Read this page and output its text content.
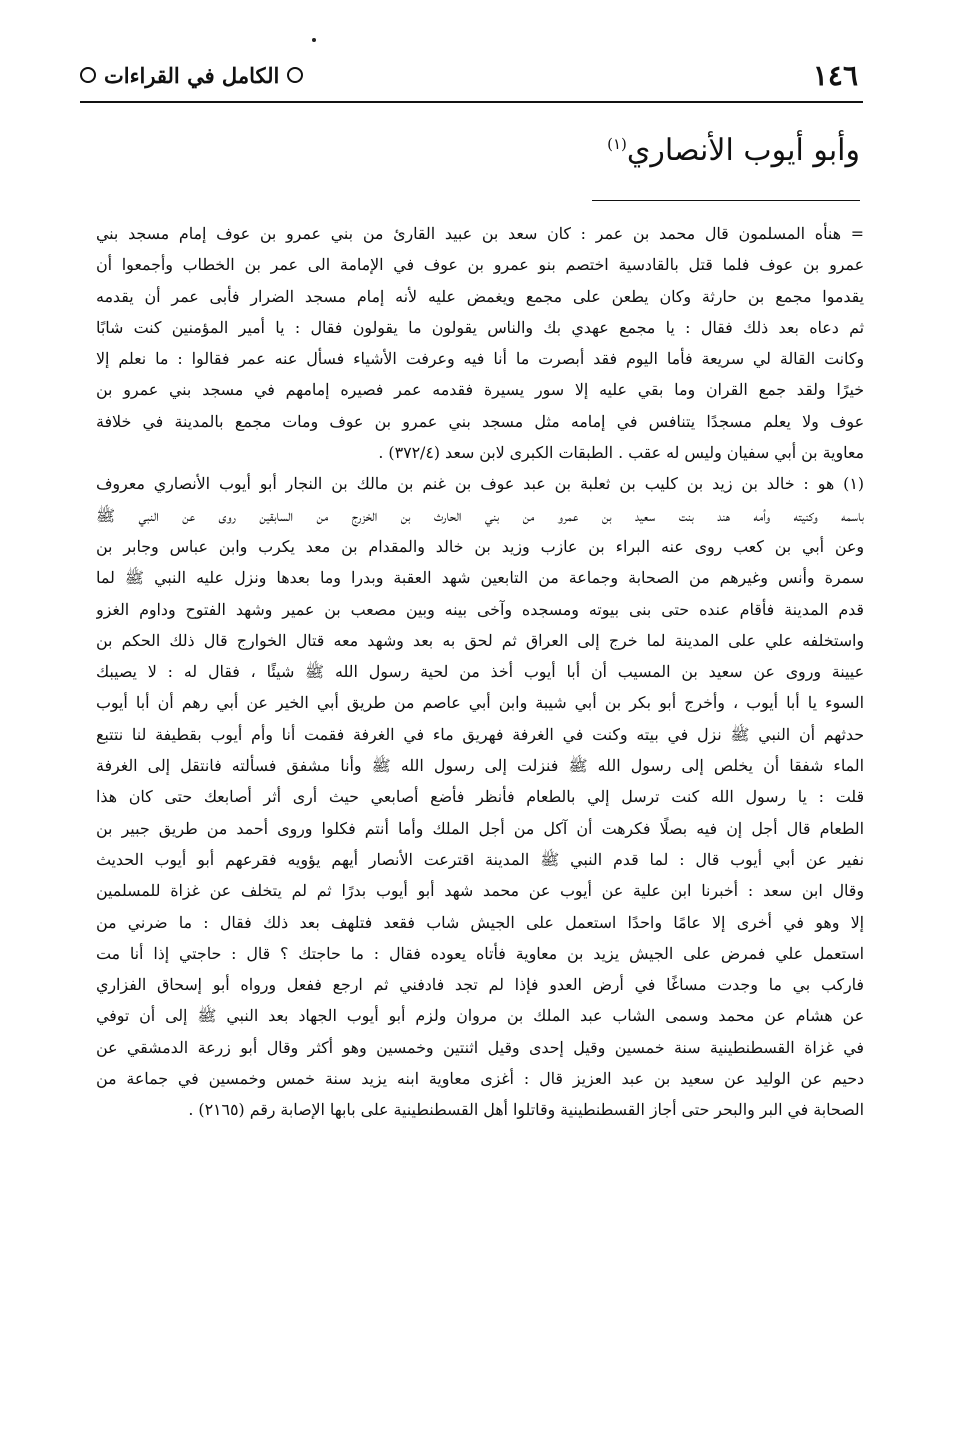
١٤٦
الكامل في القراءات
وأبو أيوب الأنصاري$^{(١)}$
= هنأه المسلمون قال محمد بن عمر : كان سعد بن عبيد القارئ من بني عمرو بن عوف إمام مسجد بني
عمرو بن عوف فلما قتل بالقادسية اختصم بنو عمرو بن عوف في الإمامة الى عمر بن الخطاب وأجمعوا أن
يقدموا مجمع بن حارثة وكان يطعن على مجمع ويغمض عليه لأنه إمام مسجد الضرار فأبى عمر أن يقدمه
ثم دعاه بعد ذلك فقال : يا مجمع عهدي بك والناس يقولون ما يقولون فقال : يا أمير المؤمنين كنت شابًا
وكانت القالة لي سريعة فأما اليوم فقد أبصرت ما أنا فيه وعرفت الأشياء فسأل عنه عمر فقالوا : ما نعلم إلا
خيرًا ولقد جمع القران وما بقي عليه إلا سور يسيرة فقدمه عمر فصيره إمامهم في مسجد بني عمرو بن
عوف ولا يعلم مسجدًا يتنافس في إمامه مثل مسجد بني عمرو بن عوف ومات مجمع بالمدينة في خلافة
معاوية بن أبي سفيان وليس له عقب . الطبقات الكبرى لابن سعد (٣٧٢/٤) .
(١) هو : خالد بن زيد بن كليب بن ثعلبة بن عبد عوف بن غنم بن مالك بن النجار أبو أيوب الأنصاري معروف
باسمه وكنيته وأمه هند بنت سعيد بن عمرو من بني الحارث بن الخزرج من السابقين روى عن النبي ﷺ
وعن أبي بن كعب روى عنه البراء بن عازب وزيد بن خالد والمقدام بن معد يكرب وابن عباس وجابر بن
سمرة وأنس وغيرهم من الصحابة وجماعة من التابعين شهد العقبة وبدرا وما بعدها ونزل عليه النبي ﷺ لما
قدم المدينة فأقام عنده حتى بنى بيوته ومسجده وآخى بينه وبين مصعب بن عمير وشهد الفتوح وداوم الغزو
واستخلفه علي على المدينة لما خرج إلى العراق ثم لحق به بعد وشهد معه قتال الخوارج قال ذلك الحكم بن
عيينة وروى عن سعيد بن المسيب أن أبا أيوب أخذ من لحية رسول الله ﷺ شيئًا ، فقال له : لا يصيبك
السوء يا أبا أيوب ، وأخرج أبو بكر بن أبي شيبة وابن أبي عاصم من طريق أبي الخير عن أبي رهم أن أبا أيوب
حدثهم أن النبي ﷺ نزل في بيته وكنت في الغرفة فهريق ماء في الغرفة فقمت أنا وأم أيوب بقطيفة لنا نتتبع
الماء شفقا أن يخلص إلى رسول الله ﷺ فنزلت إلى رسول الله ﷺ وأنا مشفق فسألته فانتقل إلى الغرفة
قلت : يا رسول الله كنت ترسل إلي بالطعام فأنظر فأضع أصابعي حيث أرى أثر أصابعك حتى كان هذا
الطعام قال أجل إن فيه بصلًا فكرهت أن آكل من أجل الملك وأما أنتم فكلوا وروى أحمد من طريق جبير بن
نفير عن أبي أيوب قال : لما قدم النبي ﷺ المدينة اقترعت الأنصار أيهم يؤويه فقرعهم أبو أيوب الحديث
وقال ابن سعد : أخبرنا ابن علية عن أيوب عن محمد شهد أبو أيوب بدرًا ثم لم يتخلف عن غزاة للمسلمين
إلا وهو في أخرى إلا عامًا واحدًا استعمل على الجيش شاب فقعد فتلهف بعد ذلك فقال : ما ضرني من
استعمل علي فمرض على الجيش يزيد بن معاوية فأتاه يعوده فقال : ما حاجتك ؟ قال : حاجتي إذا أنا مت
فاركب بي ما وجدت مساغًا في أرض العدو فإذا لم تجد فادفني ثم ارجع ففعل ورواه أبو إسحاق الفزاري
عن هشام عن محمد وسمى الشاب عبد الملك بن مروان ولزم أبو أيوب الجهاد بعد النبي ﷺ إلى أن توفي
في غزاة القسطنطينية سنة خمسين وقيل إحدى وقيل اثنتين وخمسين وهو أكثر وقال أبو زرعة الدمشقي عن
دحيم عن الوليد عن سعيد بن عبد العزيز قال : أغزى معاوية ابنه يزيد سنة خمس وخمسين في جماعة من
الصحابة في البر والبحر حتى أجاز القسطنطينية وقاتلوا أهل القسطنطينية على بابها الإصابة رقم (٢١٦٥) .
